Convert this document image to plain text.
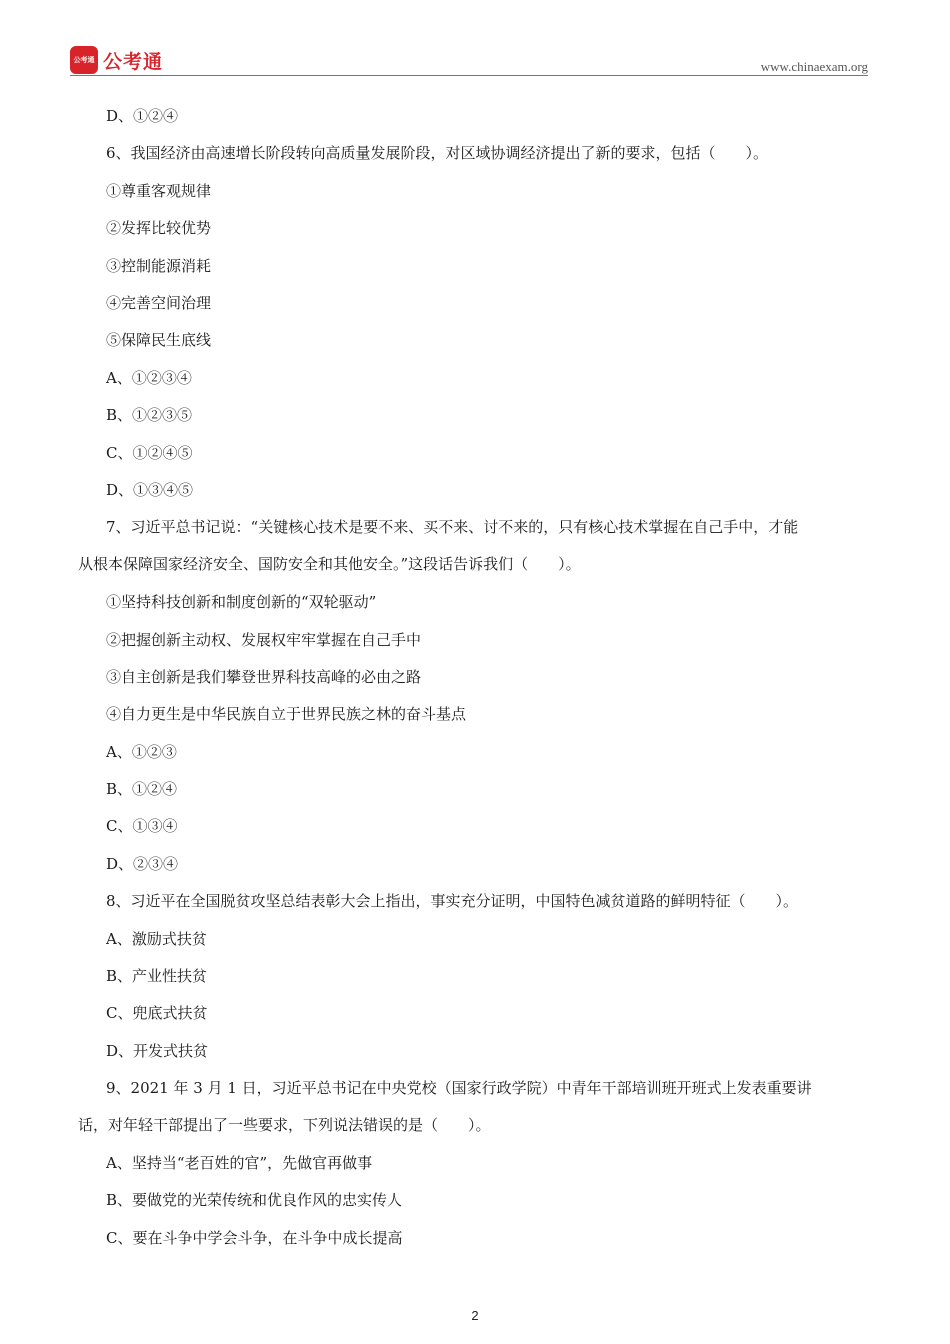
公考通 公考通	www.chinaexam.org
D、①②④
6、我国经济由高速增长阶段转向高质量发展阶段，对区域协调经济提出了新的要求，包括（　　）。
①尊重客观规律
②发挥比较优势
③控制能源消耗
④完善空间治理
⑤保障民生底线
A、①②③④
B、①②③⑤
C、①②④⑤
D、①③④⑤
7、习近平总书记说：“关键核心技术是要不来、买不来、讨不来的，只有核心技术掌握在自己手中，才能
从根本保障国家经济安全、国防安全和其他安全。”这段话告诉我们（　　）。
①坚持科技创新和制度创新的“双轮驱动”
②把握创新主动权、发展权牢牢掌握在自己手中
③自主创新是我们攀登世界科技高峰的必由之路
④自力更生是中华民族自立于世界民族之林的奋斗基点
A、①②③
B、①②④
C、①③④
D、②③④
8、习近平在全国脱贫攻坚总结表彰大会上指出，事实充分证明，中国特色减贫道路的鲜明特征（　　）。
A、激励式扶贫
B、产业性扶贫
C、兜底式扶贫
D、开发式扶贫
9、2021 年 3 月 1 日，习近平总书记在中央党校（国家行政学院）中青年干部培训班开班式上发表重要讲
话，对年轻干部提出了一些要求，下列说法错误的是（　　）。
A、坚持当“老百姓的官”，先做官再做事
B、要做党的光荣传统和优良作风的忠实传人
C、要在斗争中学会斗争，在斗争中成长提高
2
